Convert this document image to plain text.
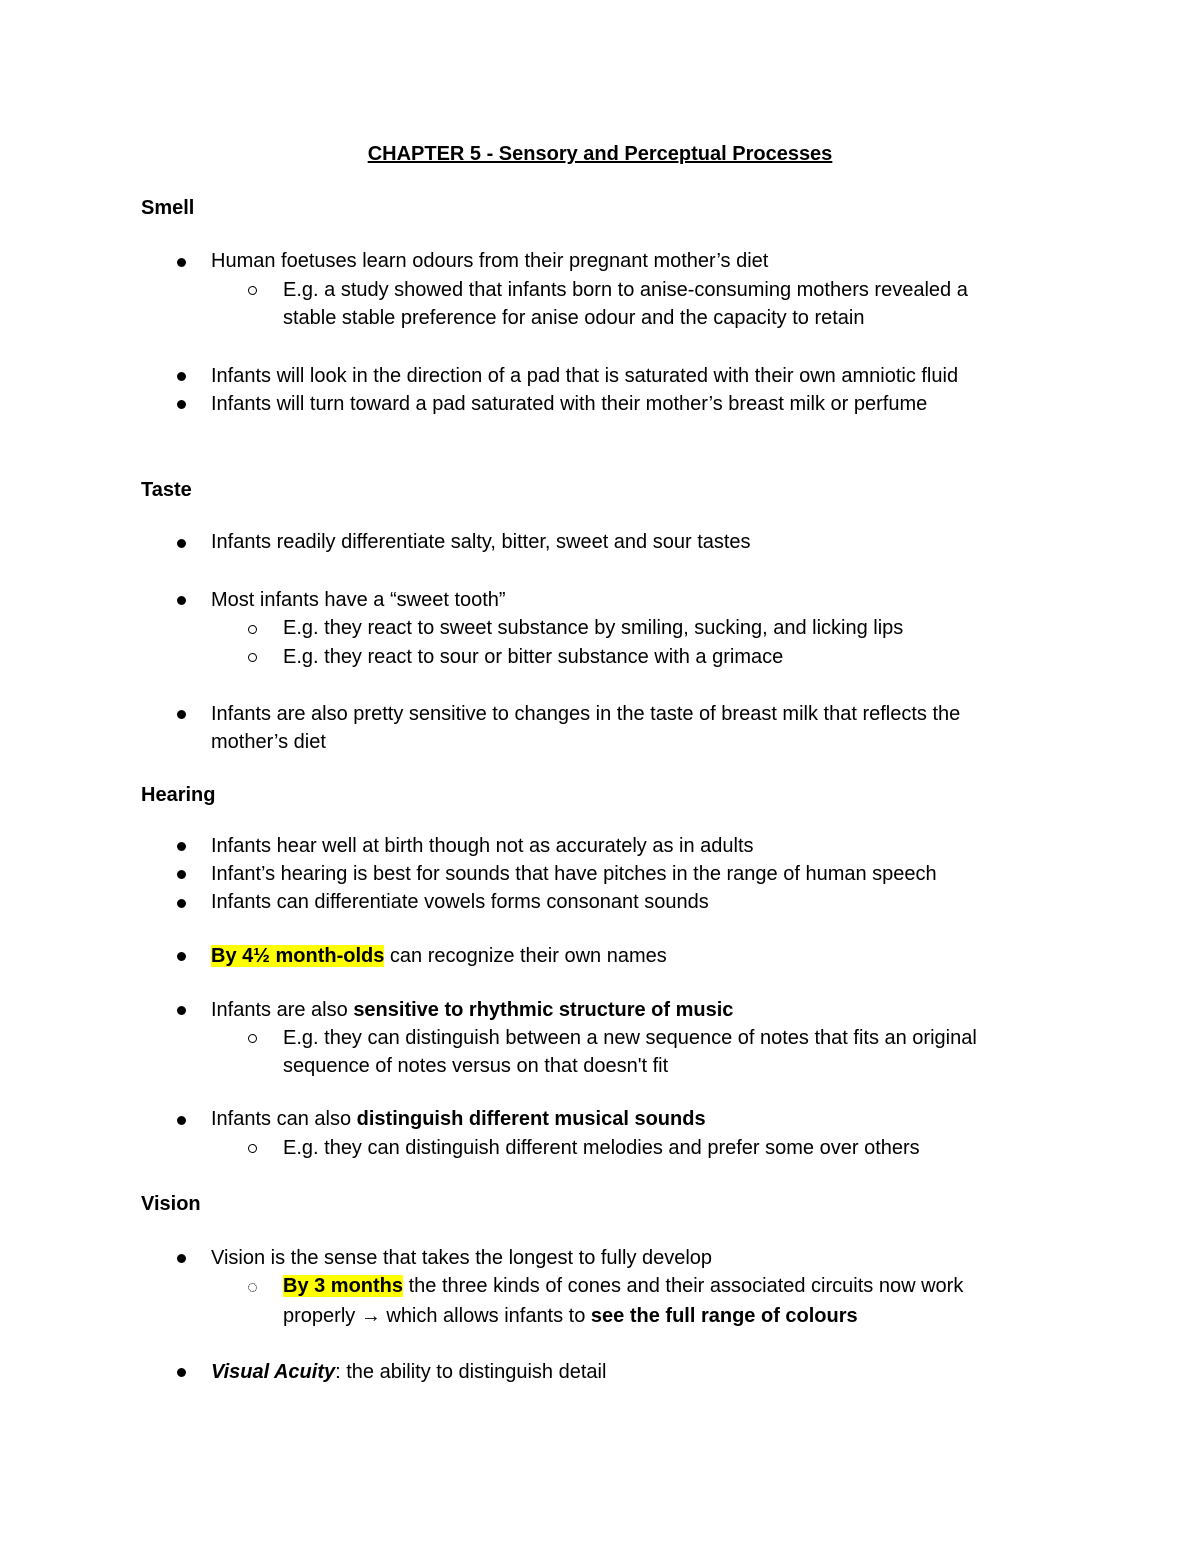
CHAPTER 5 - Sensory and Perceptual Processes
Smell
Human foetuses learn odours from their pregnant mother’s diet
E.g. a study showed that infants born to anise-consuming mothers revealed a
stable stable preference for anise odour and the capacity to retain
Infants will look in the direction of a pad that is saturated with their own amniotic fluid
Infants will turn toward a pad saturated with their mother’s breast milk or perfume
Taste
Infants readily differentiate salty, bitter, sweet and sour tastes
Most infants have a “sweet tooth”
E.g. they react to sweet substance by smiling, sucking, and licking lips
E.g. they react to sour or bitter substance with a grimace
Infants are also pretty sensitive to changes in the taste of breast milk that reflects the
mother’s diet
Hearing
Infants hear well at birth though not as accurately as in adults
Infant’s hearing is best for sounds that have pitches in the range of human speech
Infants can differentiate vowels forms consonant sounds
By 4½ month-olds can recognize their own names
Infants are also sensitive to rhythmic structure of music
E.g. they can distinguish between a new sequence of notes that fits an original
sequence of notes versus on that doesn't fit
Infants can also distinguish different musical sounds
E.g. they can distinguish different melodies and prefer some over others
Vision
Vision is the sense that takes the longest to fully develop
By 3 months the three kinds of cones and their associated circuits now work
properly → which allows infants to see the full range of colours
Visual Acuity: the ability to distinguish detail
